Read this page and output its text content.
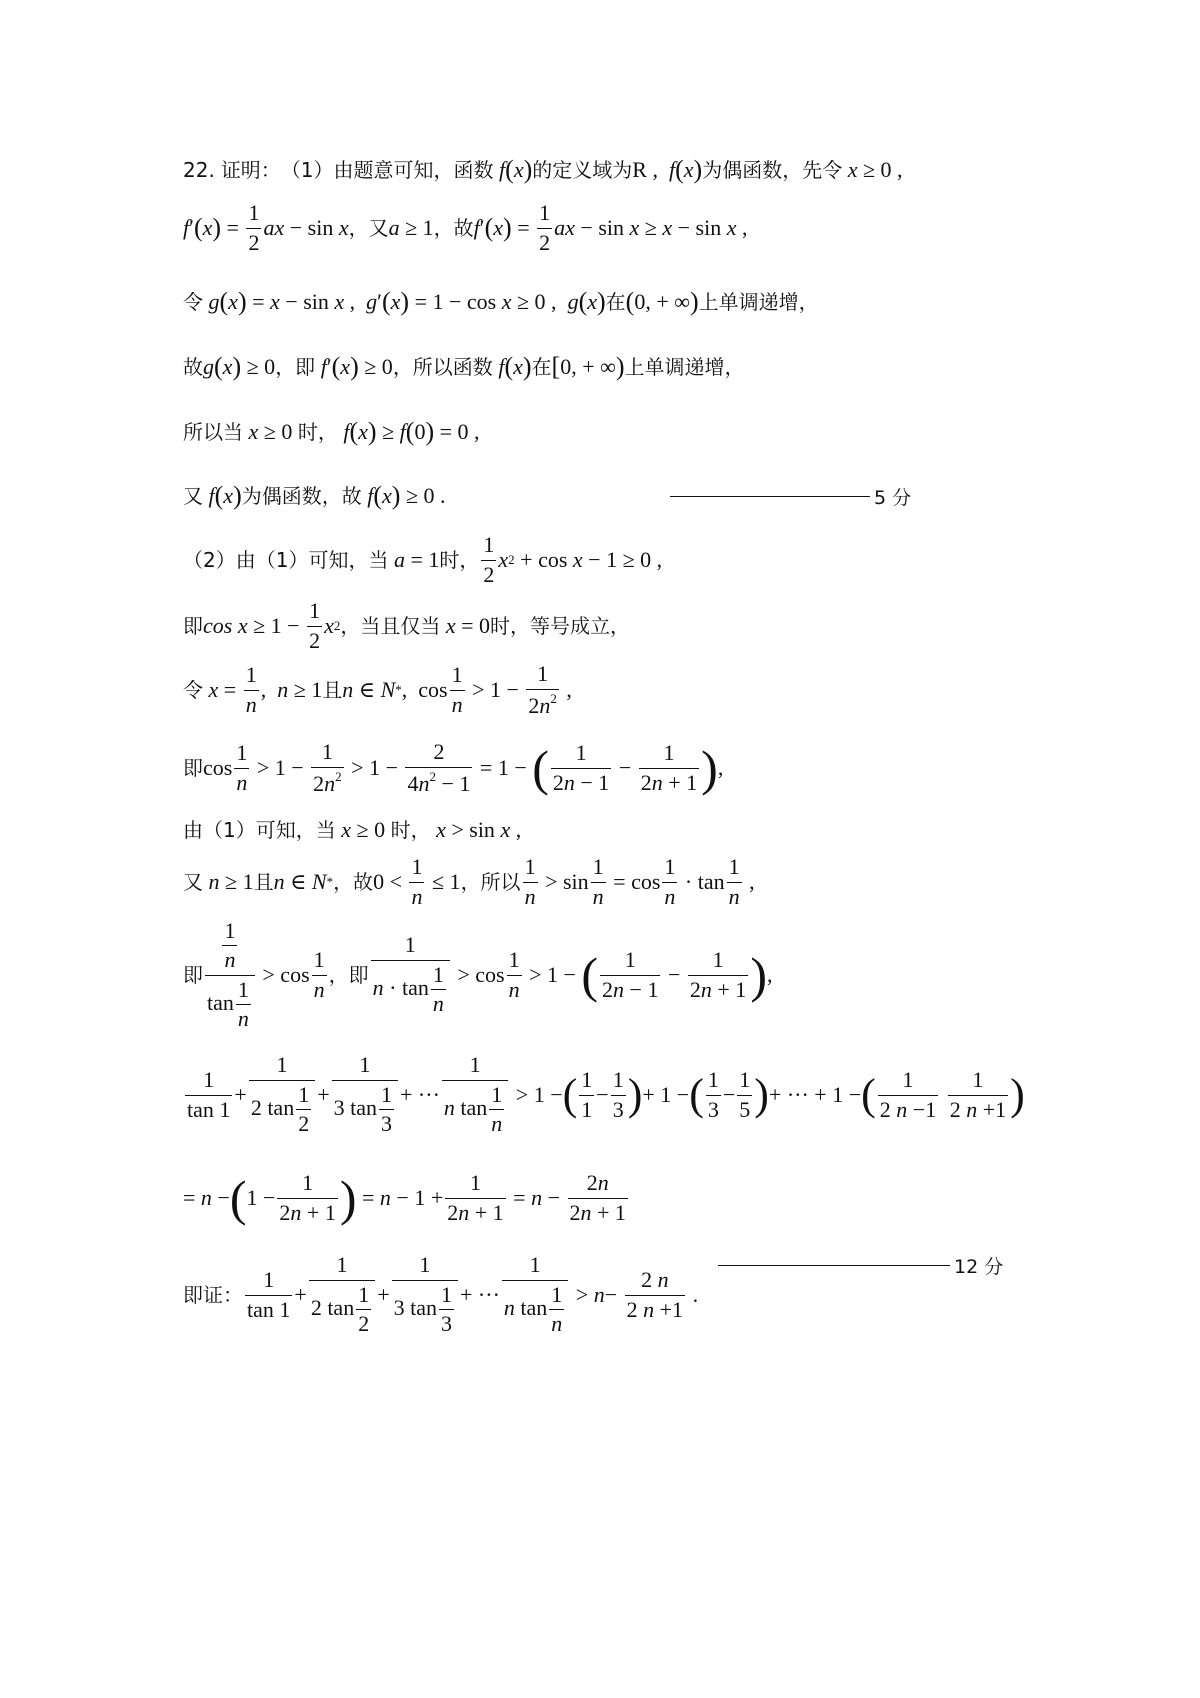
22. 证明： （1） 由题意可知，函数 f ( x ) 的定义域为 R , f ( x ) 为偶函数，先令 x ≥ 0 ,
f ′ ( x ) = $\frac{1}{2}$ ax − sin x ，又 a ≥ 1 ，故 f ′ ( x ) = $\frac{1}{2}$ ax − sin x ≥ x − sin x ,
令 g ( x ) = x − sin x , g ′ ( x ) = 1 − cos x ≥ 0 , g ( x ) 在 ( 0, + ∞ ) 上单调递增，
故 g ( x ) ≥ 0 ，即 f ′ ( x ) ≥ 0 ，所以函数 f ( x ) 在 [ 0, + ∞ ) 上单调递增，
所以当 x ≥ 0 时， f ( x ) ≥ f ( 0 ) = 0 ,
又 f ( x ) 为偶函数，故 f ( x ) ≥ 0 .	5 分
（2） 由（1）可知，当 a = 1 时， $\frac{1}{2}$ x 2 + cos x − 1 ≥ 0 ,
即 $\cos x \ge 1 - \frac{1}{2}$ x 2 ，当且仅当 x = 0 时，等号成立，
令 $x = \frac{1}{n}$ , n ≥ 1 且 n ∈ N * ,  $\cos \frac{1}{n} > 1 - \frac{1}{2n^2}$ ,
即 $\cos \frac{1}{n} > 1 - \frac{1}{2n^2} > 1 - \frac{2}{4n^2 - 1} = 1$ − ( $\frac{1}{2n - 1} - \frac{1}{2n + 1}$ ) ,
由（1）可知，当 x ≥ 0 时， x > sin x ,
又 n ≥ 1 且 n ∈ N * ，故 $0 < \frac{1}{n} \le 1$ ，所以 $\frac{1}{n} > \sin \frac{1}{n} = \cos \frac{1}{n} \cdot \tan \frac{1}{n}$ ,
即 $\frac{\frac{1}{n}}{\tan \frac{1}{n}} > \cos \frac{1}{n}$ ，即 $\frac{1}{n \cdot \tan \frac{1}{n}} > \cos \frac{1}{n} > 1$ − ( $\frac{1}{2n - 1} - \frac{1}{2n + 1}$ ) ,
$\frac{1}{\tan 1} + \frac{1}{2 \tan \frac{1}{2}} + \frac{1}{3 \tan \frac{1}{3}}$ + ··· $\frac{1}{n \tan \frac{1}{n}} > 1$ − ( $\frac{1}{1} - \frac{1}{3}$ ) + 1 − ( $\frac{1}{3} - \frac{1}{5}$ ) + ··· + 1 − ( $\frac{1}{2 n -1}$
$\frac{1}{2 n +1}$ )
= n − ( $1 - \frac{1}{2n + 1}$ ) = $n - 1 + \frac{1}{2n + 1} = n - \frac{2n}{2n + 1}$
即证： $\frac{1}{\tan 1} + \frac{1}{2 \tan \frac{1}{2}} + \frac{1}{3 \tan \frac{1}{3}}$ + ··· $\frac{1}{n \tan \frac{1}{n}} > n - \frac{2 n}{2 n +1}$ .
12 分
